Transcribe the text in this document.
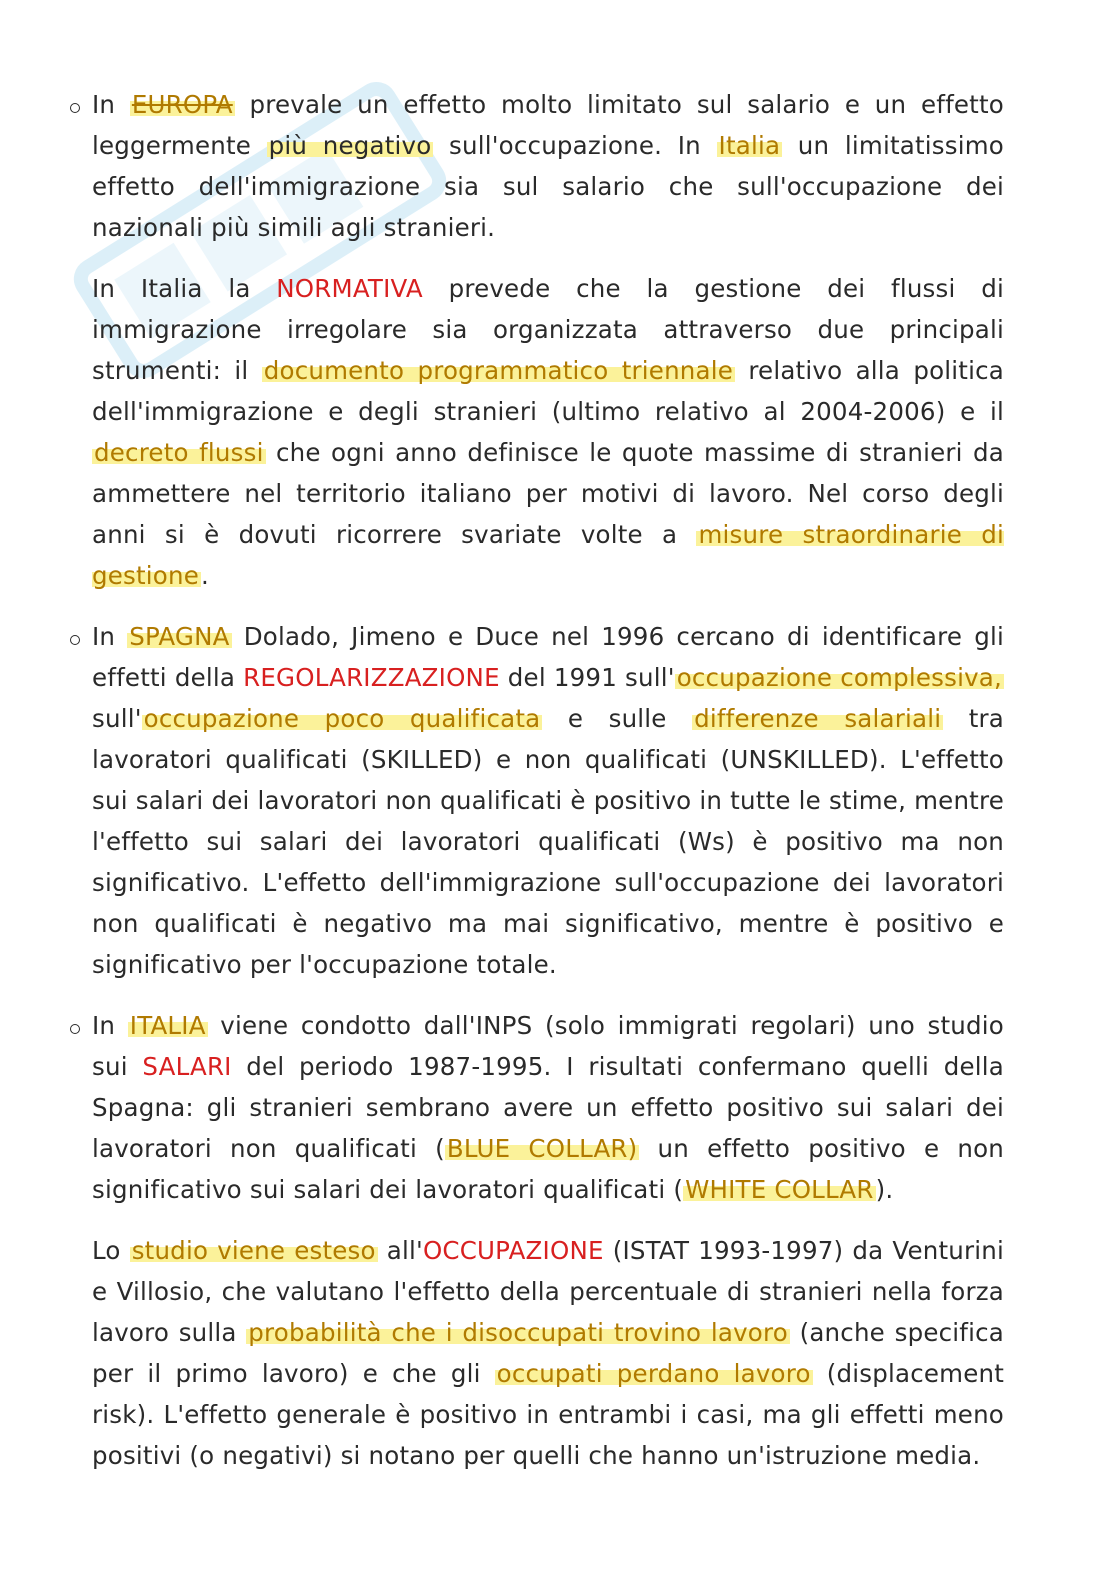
In EUROPA prevale un effetto molto limitato sul salario e un effetto leggermente più negativo sull'occupazione. In Italia un limitatissimo effetto dell'immigrazione sia sul salario che sull'occupazione dei nazionali più simili agli stranieri.

In Italia la NORMATIVA prevede che la gestione dei flussi di immigrazione irregolare sia organizzata attraverso due principali strumenti: il documento programmatico triennale relativo alla politica dell'immigrazione e degli stranieri (ultimo relativo al 2004-2006) e il decreto flussi che ogni anno definisce le quote massime di stranieri da ammettere nel territorio italiano per motivi di lavoro. Nel corso degli anni si è dovuti ricorrere svariate volte a misure straordinarie di gestione.

In SPAGNA Dolado, Jimeno e Duce nel 1996 cercano di identificare gli effetti della REGOLARIZZAZIONE del 1991 sull'occupazione complessiva, sull'occupazione poco qualificata e sulle differenze salariali tra lavoratori qualificati (SKILLED) e non qualificati (UNSKILLED). L'effetto sui salari dei lavoratori non qualificati è positivo in tutte le stime, mentre l'effetto sui salari dei lavoratori qualificati (Ws) è positivo ma non significativo. L'effetto dell'immigrazione sull'occupazione dei lavoratori non qualificati è negativo ma mai significativo, mentre è positivo e significativo per l'occupazione totale.

In ITALIA viene condotto dall'INPS (solo immigrati regolari) uno studio sui SALARI del periodo 1987-1995. I risultati confermano quelli della Spagna: gli stranieri sembrano avere un effetto positivo sui salari dei lavoratori non qualificati (BLUE COLLAR) un effetto positivo e non significativo sui salari dei lavoratori qualificati (WHITE COLLAR).

Lo studio viene esteso all'OCCUPAZIONE (ISTAT 1993-1997) da Venturini e Villosio, che valutano l'effetto della percentuale di stranieri nella forza lavoro sulla probabilità che i disoccupati trovino lavoro (anche specifica per il primo lavoro) e che gli occupati perdano lavoro (displacement risk). L'effetto generale è positivo in entrambi i casi, ma gli effetti meno positivi (o negativi) si notano per quelli che hanno un'istruzione media.
